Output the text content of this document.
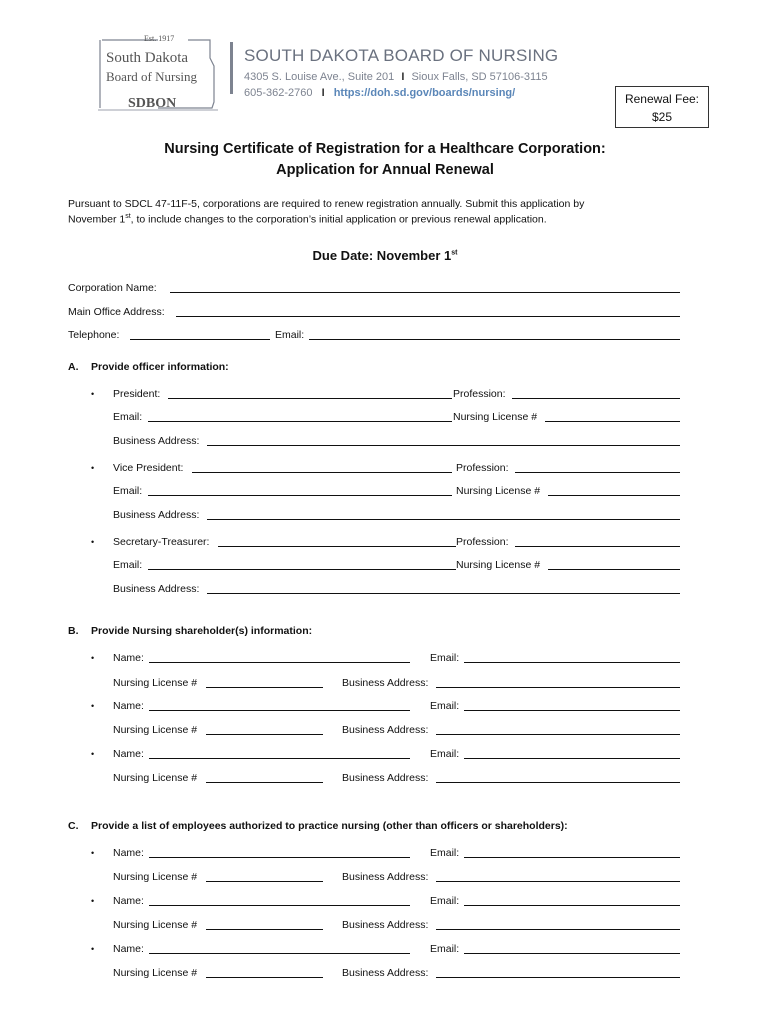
Est. 1917
South Dakota
Board of Nursing
SDBON
SOUTH DAKOTA BOARD OF NURSING
4305 S. Louise Ave., Suite 201 I Sioux Falls, SD 57106-3115
605-362-2760 I https://doh.sd.gov/boards/nursing/	Renewal Fee:
$25
Nursing Certificate of Registration for a Healthcare Corporation:
Application for Annual Renewal
Pursuant to SDCL 47-11F-5, corporations are required to renew registration annually. Submit this application by
November 1st, to include changes to the corporation’s initial application or previous renewal application.
Due Date: November 1st
Corporation Name:
Main Office Address:
Telephone:	Email:
A. Provide officer information:
• President:	Profession:
Email:	Nursing License #
Business Address:
• Vice President:	Profession:
Email:	Nursing License #
Business Address:
• Secretary-Treasurer:	Profession:
Email:	Nursing License #
Business Address:
B. Provide Nursing shareholder(s) information:
• Name:	Email:
Nursing License #	Business Address:
• Name:	Email:
Nursing License #	Business Address:
• Name:	Email:
Nursing License #	Business Address:
C. Provide a list of employees authorized to practice nursing (other than officers or shareholders):
• Name:	Email:
Nursing License #	Business Address:
• Name:	Email:
Nursing License #	Business Address:
• Name:	Email:
Nursing License #	Business Address:
